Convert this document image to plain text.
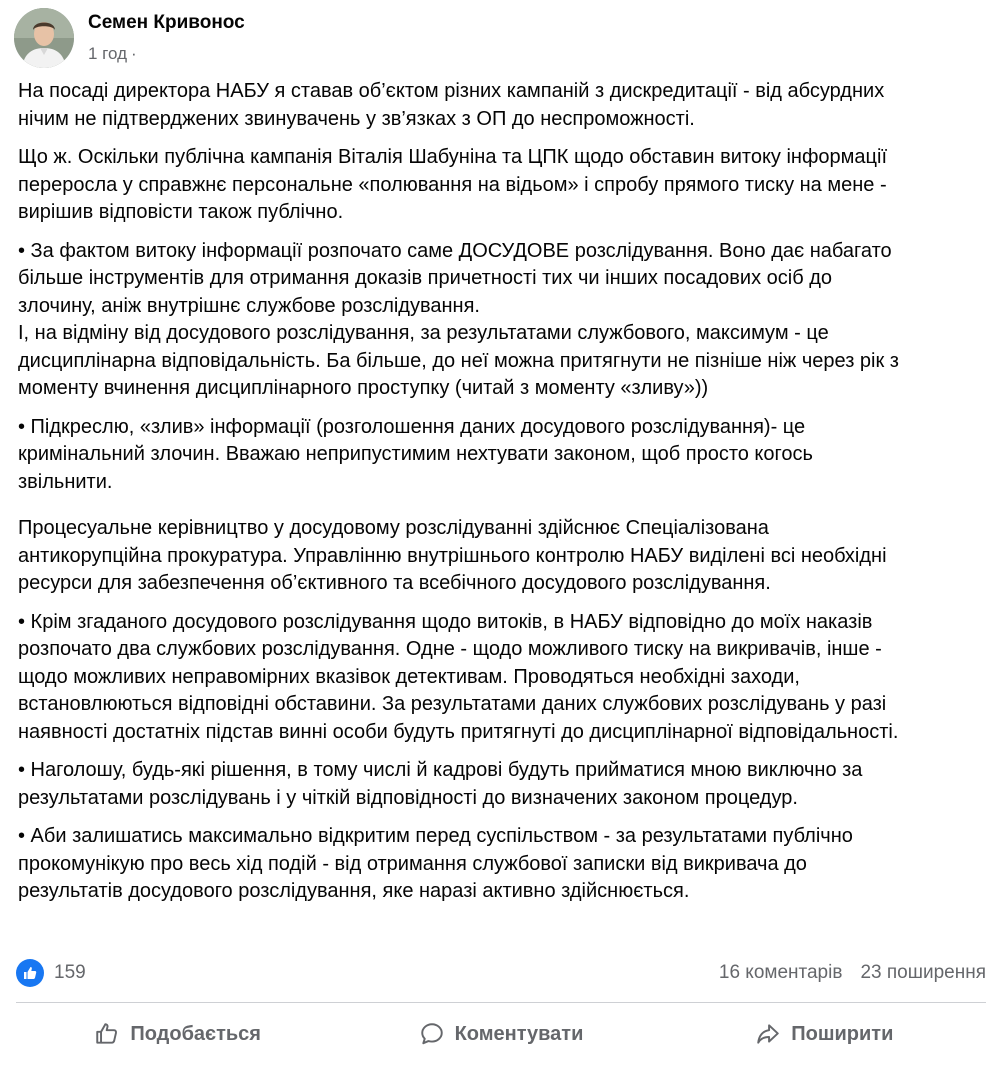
Семен Кривонос
1 год ·

На посаді директора НАБУ я ставав об’єктом різних кампаній з дискредитації - від абсурдних
нічим не підтверджених звинувачень у зв’язках з ОП до неспроможності.

Що ж. Оскільки публічна кампанія Віталія Шабуніна та ЦПК щодо обставин витоку інформації
переросла у справжнє персональне «полювання на відьом» і спробу прямого тиску на мене -
вирішив відповісти також публічно.

• За фактом витоку інформації розпочато саме ДОСУДОВЕ розслідування. Воно дає набагато
більше інструментів для отримання доказів причетності тих чи інших посадових осіб до
злочину, аніж внутрішнє службове розслідування.
І, на відміну від досудового розслідування, за результатами службового, максимум - це
дисциплінарна відповідальність. Ба більше, до неї можна притягнути не пізніше ніж через рік з
моменту вчинення дисциплінарного проступку (читай з моменту «зливу»))

• Підкреслю, «злив» інформації (розголошення даних досудового розслідування)- це
кримінальний злочин. Вважаю неприпустимим нехтувати законом, щоб просто когось
звільнити.

Процесуальне керівництво у досудовому розслідуванні здійснює Спеціалізована
антикорупційна прокуратура. Управлінню внутрішнього контролю НАБУ виділені всі необхідні
ресурси для забезпечення об’єктивного та всебічного досудового розслідування.

• Крім згаданого досудового розслідування щодо витоків, в НАБУ відповідно до моїх наказів
розпочато два службових розслідування. Одне - щодо можливого тиску на викривачів, інше -
щодо можливих неправомірних вказівок детективам. Проводяться необхідні заходи,
встановлюються відповідні обставини. За результатами даних службових розслідувань у разі
наявності достатніх підстав винні особи будуть притягнуті до дисциплінарної відповідальності.

• Наголошу, будь-які рішення, в тому числі й кадрові будуть прийматися мною виключно за
результатами розслідувань і у чіткій відповідності до визначених законом процедур.

• Аби залишатись максимально відкритим перед суспільством - за результатами публічно
прокомунікую про весь хід подій - від отримання службової записки від викривача до
результатів досудового розслідування, яке наразі активно здійснюється.

159	16 коментарів 23 поширення
Подобається	Коментувати	Поширити
